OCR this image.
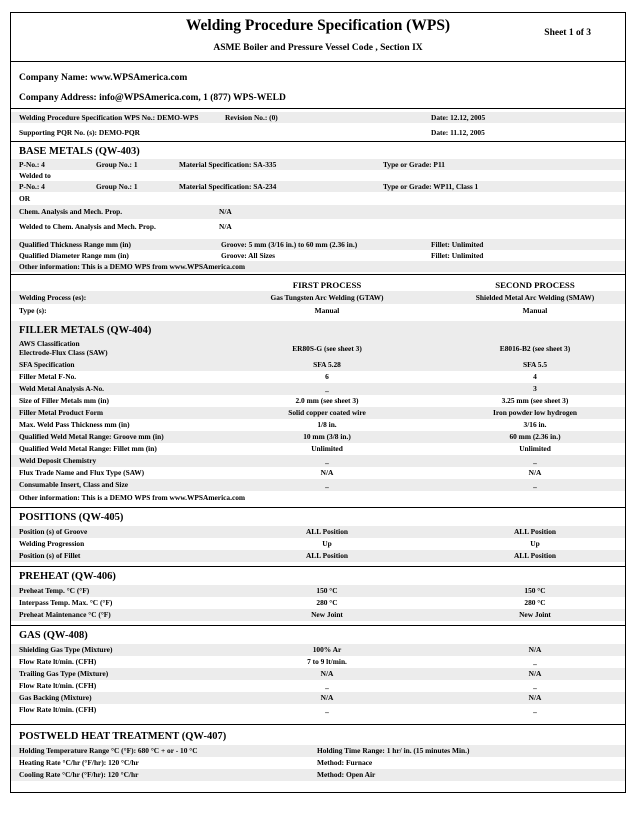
Welding Procedure Specification (WPS)
ASME Boiler and Pressure Vessel Code , Section IX
Sheet 1 of 3
Company Name: www.WPSAmerica.com
Company Address: info@WPSAmerica.com, 1 (877) WPS-WELD
Welding Procedure Specification WPS No.: DEMO-WPS	Revision No.: (0)	Date: 12.12, 2005
Supporting PQR No. (s): DEMO-PQR	Date: 11.12, 2005
BASE METALS (QW-403)
P-No.: 4	Group No.: 1	Material Specification: SA-335	Type or Grade: P11
Welded to
P-No.: 4	Group No.: 1	Material Specification: SA-234	Type or Grade: WP11, Class 1
OR
Chem. Analysis and Mech. Prop.	N/A
Welded to Chem. Analysis and Mech. Prop.	N/A
Qualified Thickness Range mm (in)	Groove: 5 mm (3/16 in.) to 60 mm (2.36 in.)	Fillet: Unlimited
Qualified Diameter Range mm (in)	Groove: All Sizes	Fillet: Unlimited
Other information: This is a DEMO WPS from www.WPSAmerica.com
FIRST PROCESS	SECOND PROCESS
Welding Process (es):	Gas Tungsten Arc Welding (GTAW)	Shielded Metal Arc Welding (SMAW)
Type (s):	Manual	Manual
FILLER METALS (QW-404)
AWS Classification
Electrode-Flux Class (SAW)	ER80S-G (see sheet 3)	E8016-B2 (see sheet 3)
SFA Specification	SFA 5.28	SFA 5.5
Filler Metal F-No.	6	4
Weld Metal Analysis A-No.	_	3
Size of Filler Metals mm (in)	2.0 mm (see sheet 3)	3.25 mm (see sheet 3)
Filler Metal Product Form	Solid copper coated wire	Iron powder low hydrogen
Max. Weld Pass Thickness mm (in)	1/8 in.	3/16 in.
Qualified Weld Metal Range: Groove mm (in)	10 mm (3/8 in.)	60 mm (2.36 in.)
Qualified Weld Metal Range: Fillet mm (in)	Unlimited	Unlimited
Weld Deposit Chemistry	_	_
Flux Trade Name and Flux Type (SAW)	N/A	N/A
Consumable Insert, Class and Size	_	_
Other information: This is a DEMO WPS from www.WPSAmerica.com
POSITIONS (QW-405)
Position (s) of Groove	ALL Position	ALL Position
Welding Progression	Up	Up
Position (s) of Fillet	ALL Position	ALL Position
PREHEAT (QW-406)
Preheat Temp. °C (°F)	150 °C	150 °C
Interpass Temp. Max. °C (°F)	280 °C	280 °C
Preheat Maintenance °C (°F)	New Joint	New Joint
GAS (QW-408)
Shielding Gas Type (Mixture)	100% Ar	N/A
Flow Rate lt/min. (CFH)	7 to 9 lt/min.	_
Trailing Gas Type (Mixture)	N/A	N/A
Flow Rate lt/min. (CFH)	_	_
Gas Backing (Mixture)	N/A	N/A
Flow Rate lt/min. (CFH)	_	_
POSTWELD HEAT TREATMENT (QW-407)
Holding Temperature Range °C (°F): 680 °C + or - 10 °C	Holding Time Range: 1 hr/ in. (15 minutes Min.)
Heating Rate °C/hr (°F/hr): 120 °C/hr	Method: Furnace
Cooling Rate °C/hr (°F/hr): 120 °C/hr	Method: Open Air
